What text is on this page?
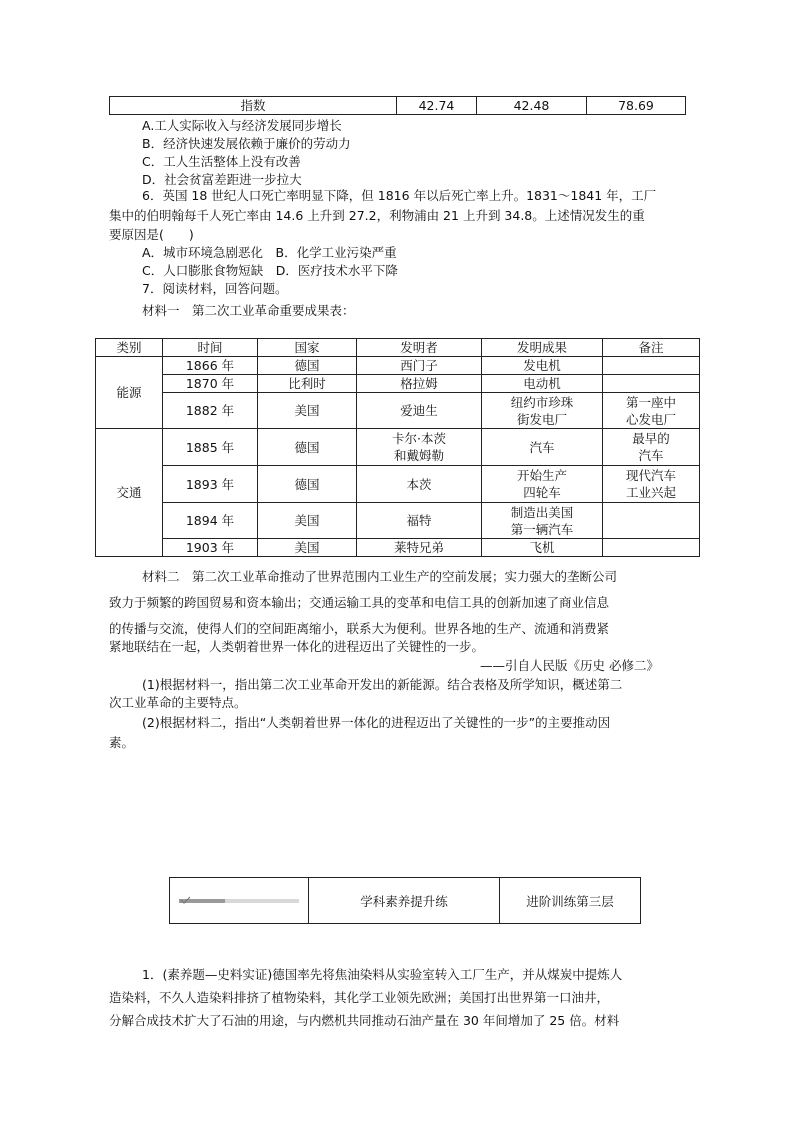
指数	42.74	42.48	78.69
A.工人实际收入与经济发展同步增长
B．经济快速发展依赖于廉价的劳动力
C．工人生活整体上没有改善
D．社会贫富差距进一步拉大
6．英国 18 世纪人口死亡率明显下降，但 1816 年以后死亡率上升。1831～1841 年，工厂
集中的伯明翰每千人死亡率由 14.6 上升到 27.2，利物浦由 21 上升到 34.8。上述情况发生的重
要原因是(　　)
A．城市环境急剧恶化　B．化学工业污染严重
C．人口膨胀食物短缺　D．医疗技术水平下降
7．阅读材料，回答问题。
材料一　第二次工业革命重要成果表：
类别	时间	国家	发明者	发明成果	备注
能源	1866 年	德国	西门子	发电机	
	1870 年	比利时	格拉姆	电动机	
	1882 年	美国	爱迪生	纽约市珍珠
街发电厂	第一座中
心发电厂
交通	1885 年	德国	卡尔·本茨
和戴姆勒	汽车	最早的
汽车
	1893 年	德国	本茨	开始生产
四轮车	现代汽车
工业兴起
	1894 年	美国	福特	制造出美国
第一辆汽车	
	1903 年	美国	莱特兄弟	飞机	
材料二　第二次工业革命推动了世界范围内工业生产的空前发展；实力强大的垄断公司
致力于频繁的跨国贸易和资本输出；交通运输工具的变革和电信工具的创新加速了商业信息
的传播与交流，使得人们的空间距离缩小，联系大为便利。世界各地的生产、流通和消费紧
紧地联结在一起，人类朝着世界一体化的进程迈出了关键性的一步。
——引自人民版《历史 必修二》
(1)根据材料一，指出第二次工业革命开发出的新能源。结合表格及所学知识，概述第二
次工业革命的主要特点。
(2)根据材料二，指出“人类朝着世界一体化的进程迈出了关键性的一步”的主要推动因
素。
学科素养提升练	进阶训练第三层
1．(素养题—史料实证)德国率先将焦油染料从实验室转入工厂生产，并从煤炭中提炼人
造染料，不久人造染料排挤了植物染料，其化学工业领先欧洲；美国打出世界第一口油井，
分解合成技术扩大了石油的用途，与内燃机共同推动石油产量在 30 年间增加了 25 倍。材料
